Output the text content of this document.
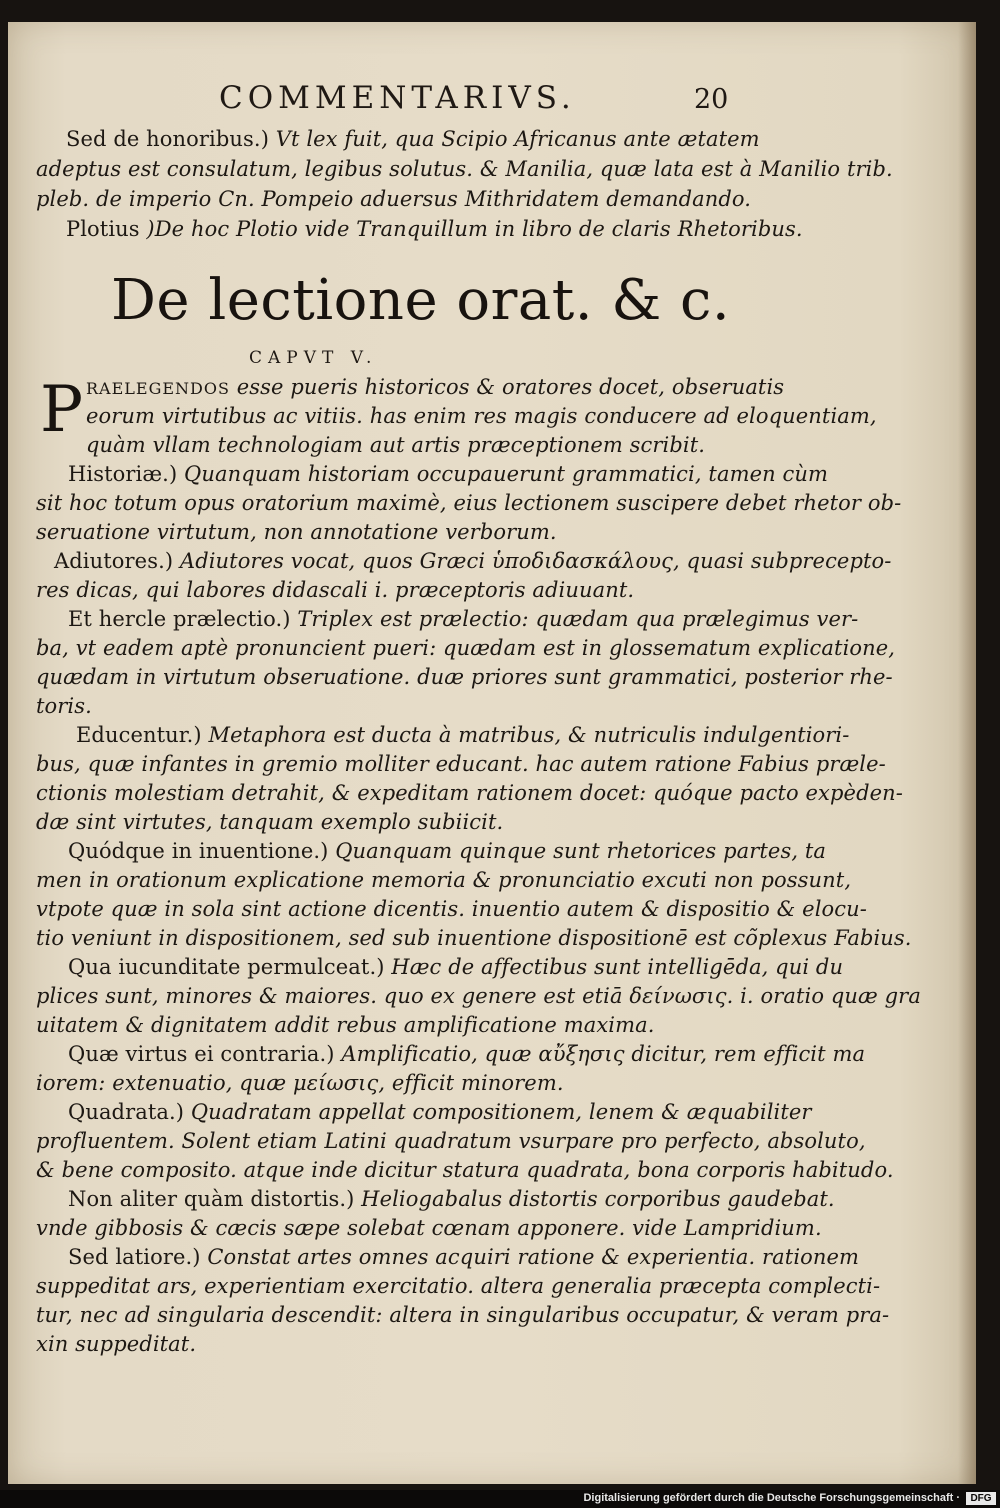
COMMENTARIVS.	20
Sed de honoribus.) Vt lex fuit, qua Scipio Africanus ante ætatem
adeptus est consulatum, legibus solutus. & Manilia, quæ lata est à Manilio trib.
pleb. de imperio Cn. Pompeio aduersus Mithridatem demandando.
Plotius )De hoc Plotio vide Tranquillum in libro de claris Rhetoribus.
De lectione orat. & c.
CAPVT V.
P RAELEGENDOS esse pueris historicos & oratores docet, obseruatis
eorum virtutibus ac vitiis. has enim res magis conducere ad eloquentiam,
quàm vllam technologiam aut artis præceptionem scribit.
Historiæ.) Quanquam historiam occupauerunt grammatici, tamen cùm
sit hoc totum opus oratorium maximè, eius lectionem suscipere debet rhetor ob-
seruatione virtutum, non annotatione verborum.
Adiutores.) Adiutores vocat, quos Græci ὑποδιδασκάλους, quasi subprecepto-
res dicas, qui labores didascali i. præceptoris adiuuant.
Et hercle prælectio.) Triplex est prælectio: quædam qua prælegimus ver-
ba, vt eadem aptè pronuncient pueri: quædam est in glossematum explicatione,
quædam in virtutum obseruatione. duæ priores sunt grammatici, posterior rhe-
toris.
Educentur.) Metaphora est ducta à matribus, & nutriculis indulgentiori-
bus, quæ infantes in gremio molliter educant. hac autem ratione Fabius præle-
ctionis molestiam detrahit, & expeditam rationem docet: quóque pacto expèden-
dæ sint virtutes, tanquam exemplo subiicit.
Quódque in inuentione.) Quanquam quinque sunt rhetorices partes, ta
men in orationum explicatione memoria & pronunciatio excuti non possunt,
vtpote quæ in sola sint actione dicentis. inuentio autem & dispositio & elocu-
tio veniunt in dispositionem, sed sub inuentione dispositionē est cõplexus Fabius.
Qua iucunditate permulceat.) Hæc de affectibus sunt intelligēda, qui du
plices sunt, minores & maiores. quo ex genere est etiā δείνωσις. i. oratio quæ gra
uitatem & dignitatem addit rebus amplificatione maxima.
Quæ virtus ei contraria.) Amplificatio, quæ αὔξησις dicitur, rem efficit ma
iorem: extenuatio, quæ μείωσις, efficit minorem.
Quadrata.) Quadratam appellat compositionem, lenem & æquabiliter
profluentem. Solent etiam Latini quadratum vsurpare pro perfecto, absoluto,
& bene composito. atque inde dicitur statura quadrata, bona corporis habitudo.
Non aliter quàm distortis.) Heliogabalus distortis corporibus gaudebat.
vnde gibbosis & cæcis sæpe solebat cœnam apponere. vide Lampridium.
Sed latiore.) Constat artes omnes acquiri ratione & experientia. rationem
suppeditat ars, experientiam exercitatio. altera generalia præcepta complecti-
tur, nec ad singularia descendit: altera in singularibus occupatur, & veram pra-
xin suppeditat.
Digitalisierung gefördert durch die Deutsche Forschungsgemeinschaft ·	DFG
